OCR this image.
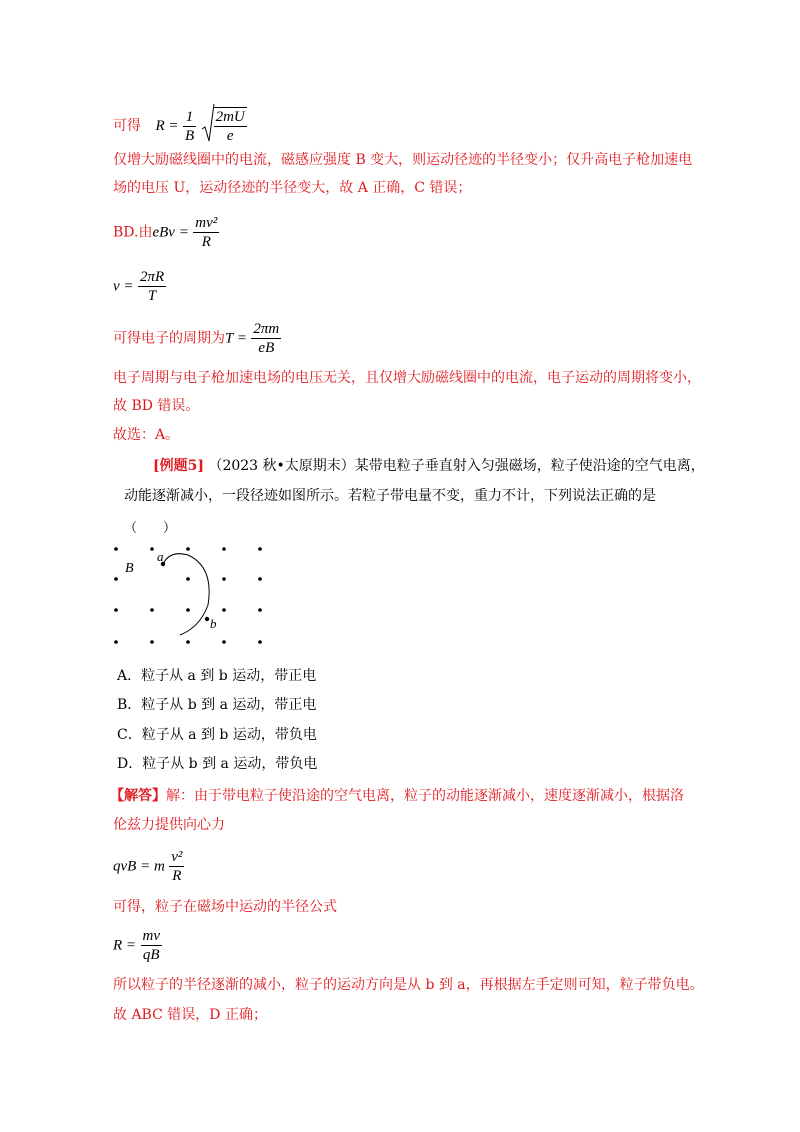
可得 $R = \frac{1}{B}$
$\frac{2mU}{e}$
仅增大励磁线圈中的电流，磁感应强度 B 变大，则运动径迹的半径变小；仅升高电子枪加速电
场的电压 U，运动径迹的半径变大，故 A 正确，C 错误；
BD.由eBv = $\frac{\text{mv²}}{R}$
$v = \frac{2\pi R}{T}$
可得电子的周期为$T = \frac{2\pi m}{eB}$
电子周期与电子枪加速电场的电压无关，且仅增大励磁线圈中的电流，电子运动的周期将变小，
故 BD 错误。
故选：A。
[例题5] （2023 秋•太原期末）某带电粒子垂直射入匀强磁场，粒子使沿途的空气电离，
动能逐渐减小，一段径迹如图所示。若粒子带电量不变，重力不计，下列说法正确的是
（　　）
a
b
B
A．粒子从 a 到 b 运动，带正电
B．粒子从 b 到 a 运动，带正电
C．粒子从 a 到 b 运动，带负电
D．粒子从 b 到 a 运动，带负电
【解答】解：由于带电粒子使沿途的空气电离，粒子的动能逐渐减小，速度逐渐减小，根据洛
伦兹力提供向心力
qvB = m $\frac{\text{v²}}{R}$
可得，粒子在磁场中运动的半径公式
$R = \frac{mv}{qB}$
所以粒子的半径逐渐的减小，粒子的运动方向是从 b 到 a，再根据左手定则可知，粒子带负电。
故 ABC 错误，D 正确；
